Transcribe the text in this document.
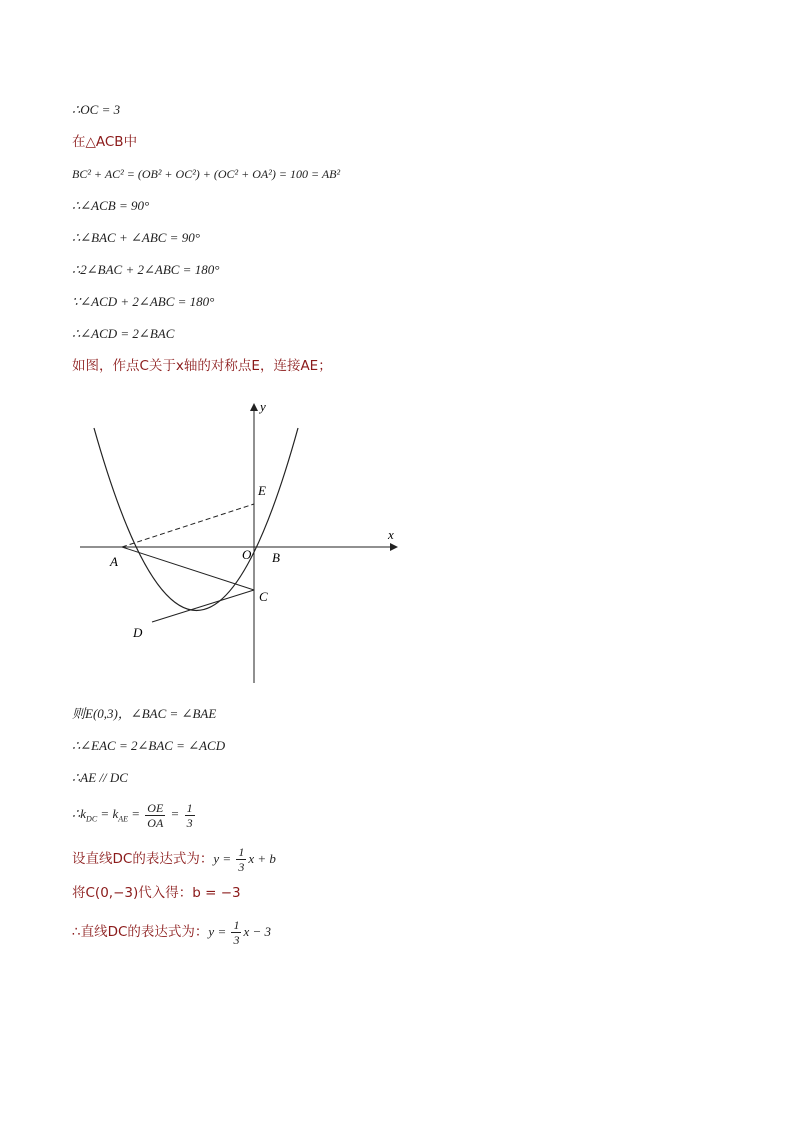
∴OC = 3
在△ACB中
BC² + AC² = (OB² + OC²) + (OC² + OA²) = 100 = AB²
∴∠ACB = 90°
∴∠BAC + ∠ABC = 90°
∴2∠BAC + 2∠ABC = 180°
∵∠ACD + 2∠ABC = 180°
∴∠ACD = 2∠BAC
如图，作点C关于x轴的对称点E，连接AE；
y
x
E
O B
A
C
D
则E(0,3)，∠BAC = ∠BAE
∴∠EAC = 2∠BAC = ∠ACD
∴AE // DC
$\therefore k_{DC} = k_{AE} = \frac{OE}{OA} = \frac{1}{3}$
设直线DC的表达式为：$y = \frac{1}{3}$ x + b
将C(0,−3)代入得：b = −3
∴直线DC的表达式为：$y = \frac{1}{3}$ x − 3
